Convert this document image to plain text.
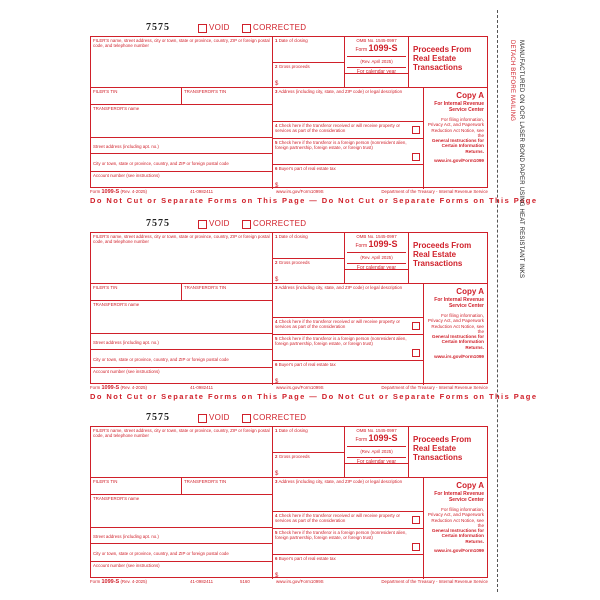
7575	VOID	CORRECTED
FILER'S name, street address, city or town, state or province, country, ZIP or foreign postal code, and telephone number
1 Date of closing	OMB No. 1545-0997
Form 1099-S
(Rev. April 2025)
For calendar year
Proceeds From Real Estate Transactions
2 Gross proceeds
$
FILER'S TIN	TRANSFEROR'S TIN	3 Address (including city, state, and ZIP code) or legal description	Copy A
For Internal Revenue Service Center
For filing information, Privacy Act, and Paperwork Reduction Act Notice, see the
General Instructions for Certain Information Returns.
www.irs.gov/Form1099
TRANSFEROR'S name
4 Check here if the transferor received or will receive property or services as part of the consideration
Street address (including apt. no.)
5 Check here if the transferor is a foreign person (nonresident alien, foreign partnership, foreign estate, or foreign trust)
City or town, state or province, country, and ZIP or foreign postal code
Account number (see instructions)
6 Buyer's part of real estate tax
$
Form 1099-S (Rev. 4-2025)	41-0982411	www.irs.gov/Form1099S	Department of the Treasury - Internal Revenue Service
Do Not Cut or Separate Forms on This Page — Do Not Cut or Separate Forms on This Page
7575	VOID	CORRECTED
FILER'S name, street address, city or town, state or province, country, ZIP or foreign postal code, and telephone number
1 Date of closing	OMB No. 1545-0997
Form 1099-S
(Rev. April 2025)
For calendar year
Proceeds From Real Estate Transactions
2 Gross proceeds
$
FILER'S TIN	TRANSFEROR'S TIN	3 Address (including city, state, and ZIP code) or legal description	Copy A
For Internal Revenue Service Center
For filing information, Privacy Act, and Paperwork Reduction Act Notice, see the
General Instructions for Certain Information Returns.
www.irs.gov/Form1099
TRANSFEROR'S name
4 Check here if the transferor received or will receive property or services as part of the consideration
Street address (including apt. no.)
5 Check here if the transferor is a foreign person (nonresident alien, foreign partnership, foreign estate, or foreign trust)
City or town, state or province, country, and ZIP or foreign postal code
Account number (see instructions)
6 Buyer's part of real estate tax
$
Form 1099-S (Rev. 4-2025)	41-0982411	www.irs.gov/Form1099S	Department of the Treasury - Internal Revenue Service
Do Not Cut or Separate Forms on This Page — Do Not Cut or Separate Forms on This Page
7575	VOID	CORRECTED
FILER'S name, street address, city or town, state or province, country, ZIP or foreign postal code, and telephone number
1 Date of closing	OMB No. 1545-0997
Form 1099-S
(Rev. April 2025)
For calendar year
Proceeds From Real Estate Transactions
2 Gross proceeds
$
FILER'S TIN	TRANSFEROR'S TIN	3 Address (including city, state, and ZIP code) or legal description	Copy A
For Internal Revenue Service Center
For filing information, Privacy Act, and Paperwork Reduction Act Notice, see the
General Instructions for Certain Information Returns.
www.irs.gov/Form1099
TRANSFEROR'S name
4 Check here if the transferor received or will receive property or services as part of the consideration
Street address (including apt. no.)
5 Check here if the transferor is a foreign person (nonresident alien, foreign partnership, foreign estate, or foreign trust)
City or town, state or province, country, and ZIP or foreign postal code
Account number (see instructions)
6 Buyer's part of real estate tax
$
Form 1099-S (Rev. 4-2025)	41-0982411	5160	www.irs.gov/Form1099S	Department of the Treasury - Internal Revenue Service
DETACH BEFORE MAILING MANUFACTURED ON OCR LASER BOND PAPER USING HEAT RESISTANT INKS
